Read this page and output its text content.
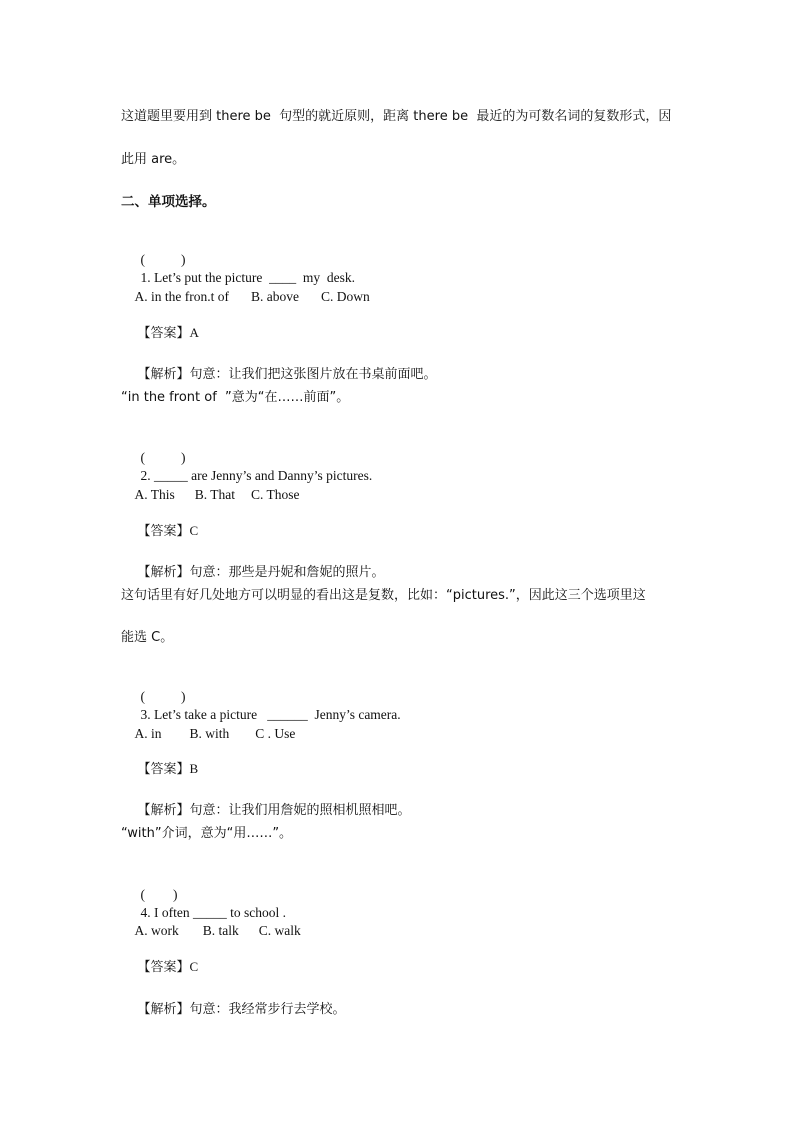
这道题里要用到 there be  句型的就近原则，距离 there be  最近的为可数名词的复数形式，因
此用 are。
二、单项选择。

(	)
1. Let’s put the picture  ____  my  desk.

A. in the fron.t of B. above C. Down

【答案】A

【解析】句意：让我们把这张图片放在书桌前面吧。

“in the front of  ”意为“在……前面”。

(	)
2. _____ are Jenny’s and Danny’s pictures.

A. This B. That C. Those

【答案】C

【解析】句意：那些是丹妮和詹妮的照片。

这句话里有好几处地方可以明显的看出这是复数，比如：“pictures.”，因此这三个选项里这
能选 C。

(	)
3. Let’s take a picture   ______  Jenny’s camera.

A. in B. with C . Use

【答案】B

【解析】句意：让我们用詹妮的照相机照相吧。

“with”介词，意为“用……”。

( )
4. I often _____ to school .

A. work B. talk C. walk

【答案】C

【解析】句意：我经常步行去学校。
